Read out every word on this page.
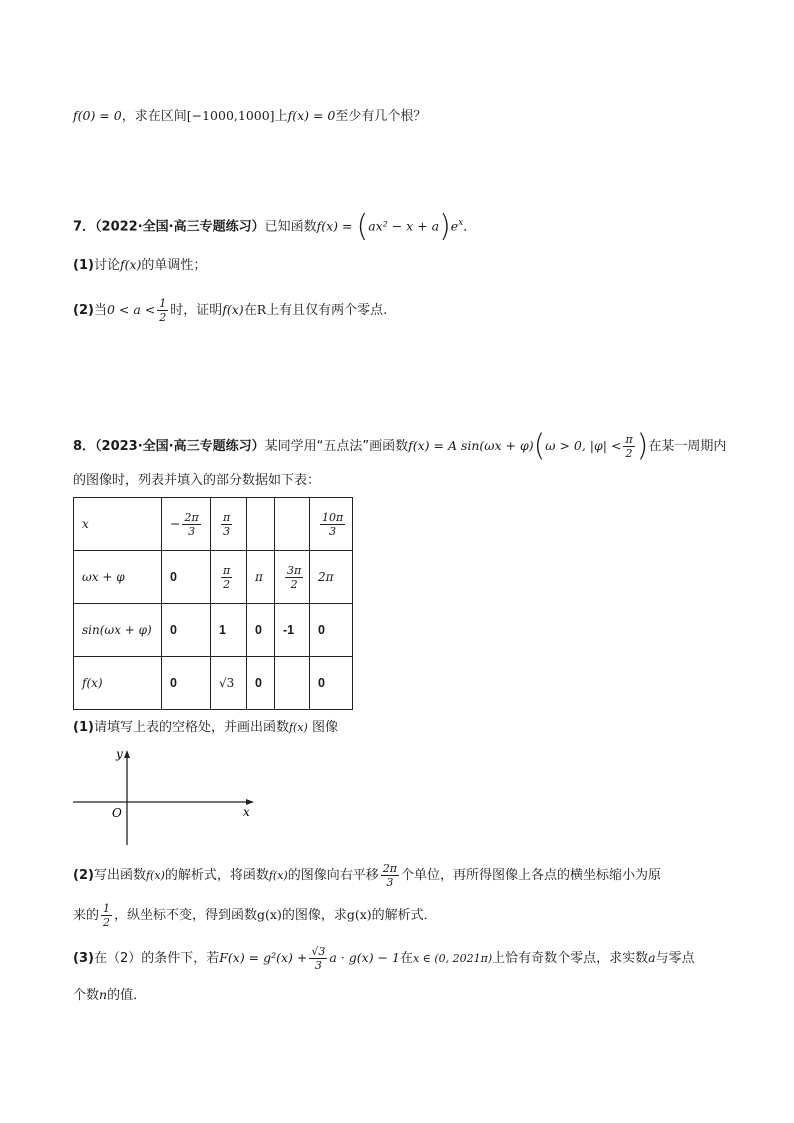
f(0) = 0，求在区间[−1000,1000]上f(x) = 0至少有几个根？
7．（2022·全国·高三专题练习）已知函数$f(x) = (ax^2 - x + a)e^x$．
(1)讨论f(x)的单调性；
(2)当$0 < a < \frac{1}{2}$ 时，证明f(x)在R上有且仅有两个零点.
8．（2023·全国·高三专题练习）某同学用“五点法”画函数f(x) = A sin(ωx + φ)(ω > 0, $|\varphi| < \frac{\pi}{2}$ )在某一周期内
的图像时，列表并填入的部分数据如下表：
x	− $\frac{2\pi}{3}$	$\frac{\pi}{3}$			$\frac{10\pi}{3}$

ωx + φ	0	$\frac{\pi}{2}$	π	$\frac{3\pi}{2}$	2π
sin(ωx + φ)	0	1	0	-1	0
f(x)	0	√3	0		0
(1)请填写上表的空格处，并画出函数f(x) 图像
y
x
O
(2)写出函数f(x)的解析式，将函数f(x)的图像向右平移 $\frac{2\pi}{3}$ 个单位，再所得图像上各点的横坐标缩小为原
来的 $\frac{1}{2}$ ，纵坐标不变，得到函数g(x)的图像，求g(x)的解析式．
(3)在（2）的条件下，若$F(x) = g^2(x) + \frac{√3}{3}$ a · g(x) − 1在x ∈ (0, 2021π)上恰有奇数个零点，求实数a与零点
个数n的值．
